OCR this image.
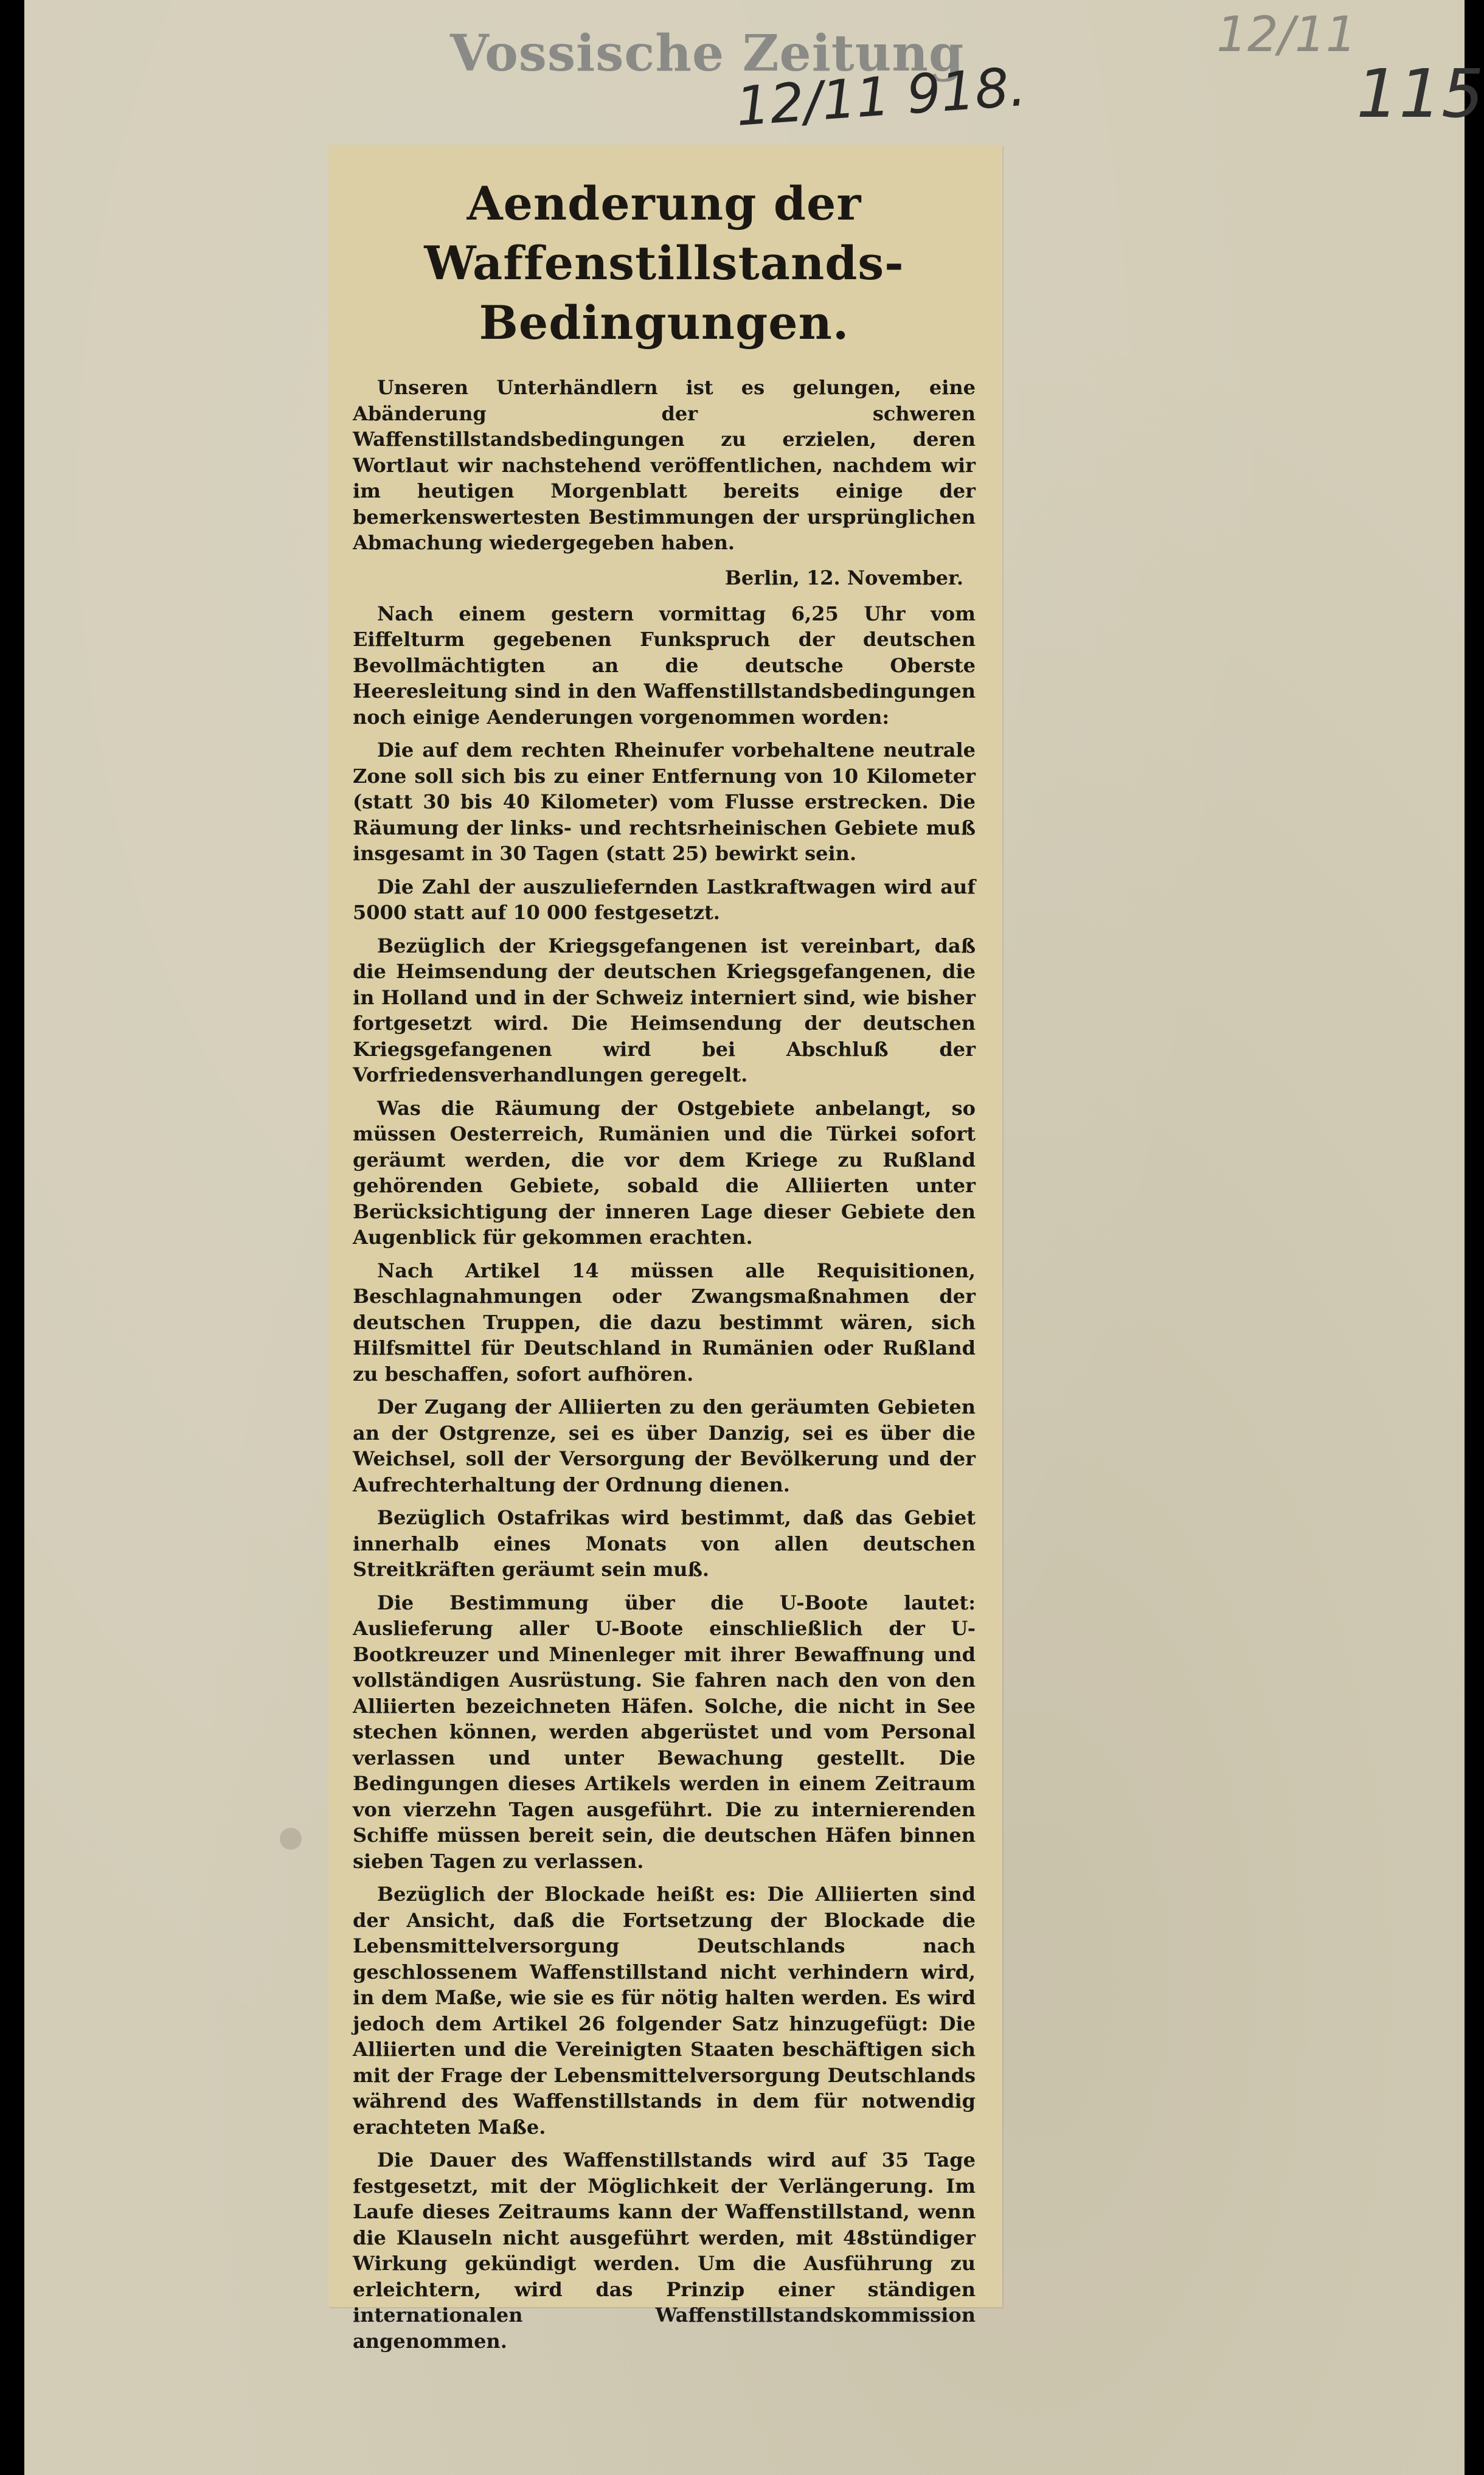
Vossische Zeitung
12/11 918.
12/11
115
Aenderung der
Waffenstillstands-Bedingungen.

Unseren Unterhändlern ist es gelungen, eine Abänderung der schweren Waffenstillstandsbedingungen zu erzielen, deren Wortlaut wir nachstehend veröffentlichen, nachdem wir im heutigen Morgenblatt bereits einige der bemerkenswertesten Bestimmungen der ursprünglichen Abmachung wiedergegeben haben.

Berlin, 12. November.

Nach einem gestern vormittag 6,25 Uhr vom Eiffelturm gegebenen Funkspruch der deutschen Bevollmächtigten an die deutsche Oberste Heeresleitung sind in den Waffenstillstandsbedingungen noch einige Aenderungen vorgenommen worden:

Die auf dem rechten Rheinufer vorbehaltene neutrale Zone soll sich bis zu einer Entfernung von 10 Kilometer (statt 30 bis 40 Kilometer) vom Flusse erstrecken. Die Räumung der links- und rechtsrheinischen Gebiete muß insgesamt in 30 Tagen (statt 25) bewirkt sein.

Die Zahl der auszuliefernden Lastkraftwagen wird auf 5000 statt auf 10 000 festgesetzt.

Bezüglich der Kriegsgefangenen ist vereinbart, daß die Heimsendung der deutschen Kriegsgefangenen, die in Holland und in der Schweiz interniert sind, wie bisher fortgesetzt wird. Die Heimsendung der deutschen Kriegsgefangenen wird bei Abschluß der Vorfriedensverhandlungen geregelt.

Was die Räumung der Ostgebiete anbelangt, so müssen Oesterreich, Rumänien und die Türkei sofort geräumt werden, die vor dem Kriege zu Rußland gehörenden Gebiete, sobald die Alliierten unter Berücksichtigung der inneren Lage dieser Gebiete den Augenblick für gekommen erachten.

Nach Artikel 14 müssen alle Requisitionen, Beschlagnahmungen oder Zwangsmaßnahmen der deutschen Truppen, die dazu bestimmt wären, sich Hilfsmittel für Deutschland in Rumänien oder Rußland zu beschaffen, sofort aufhören.

Der Zugang der Alliierten zu den geräumten Gebieten an der Ostgrenze, sei es über Danzig, sei es über die Weichsel, soll der Versorgung der Bevölkerung und der Aufrechterhaltung der Ordnung dienen.

Bezüglich Ostafrikas wird bestimmt, daß das Gebiet innerhalb eines Monats von allen deutschen Streitkräften geräumt sein muß.

Die Bestimmung über die U-Boote lautet: Auslieferung aller U-Boote einschließlich der U-Bootkreuzer und Minenleger mit ihrer Bewaffnung und vollständigen Ausrüstung. Sie fahren nach den von den Alliierten bezeichneten Häfen. Solche, die nicht in See stechen können, werden abgerüstet und vom Personal verlassen und unter Bewachung gestellt. Die Bedingungen dieses Artikels werden in einem Zeitraum von vierzehn Tagen ausgeführt. Die zu internierenden Schiffe müssen bereit sein, die deutschen Häfen binnen sieben Tagen zu verlassen.

Bezüglich der Blockade heißt es: Die Alliierten sind der Ansicht, daß die Fortsetzung der Blockade die Lebensmittelversorgung Deutschlands nach geschlossenem Waffenstillstand nicht verhindern wird, in dem Maße, wie sie es für nötig halten werden. Es wird jedoch dem Artikel 26 folgender Satz hinzugefügt: Die Alliierten und die Vereinigten Staaten beschäftigen sich mit der Frage der Lebensmittelversorgung Deutschlands während des Waffenstillstands in dem für notwendig erachteten Maße.

Die Dauer des Waffenstillstands wird auf 35 Tage festgesetzt, mit der Möglichkeit der Verlängerung. Im Laufe dieses Zeitraums kann der Waffenstillstand, wenn die Klauseln nicht ausgeführt werden, mit 48stündiger Wirkung gekündigt werden. Um die Ausführung zu erleichtern, wird das Prinzip einer ständigen internationalen Waffenstillstandskommission angenommen.
